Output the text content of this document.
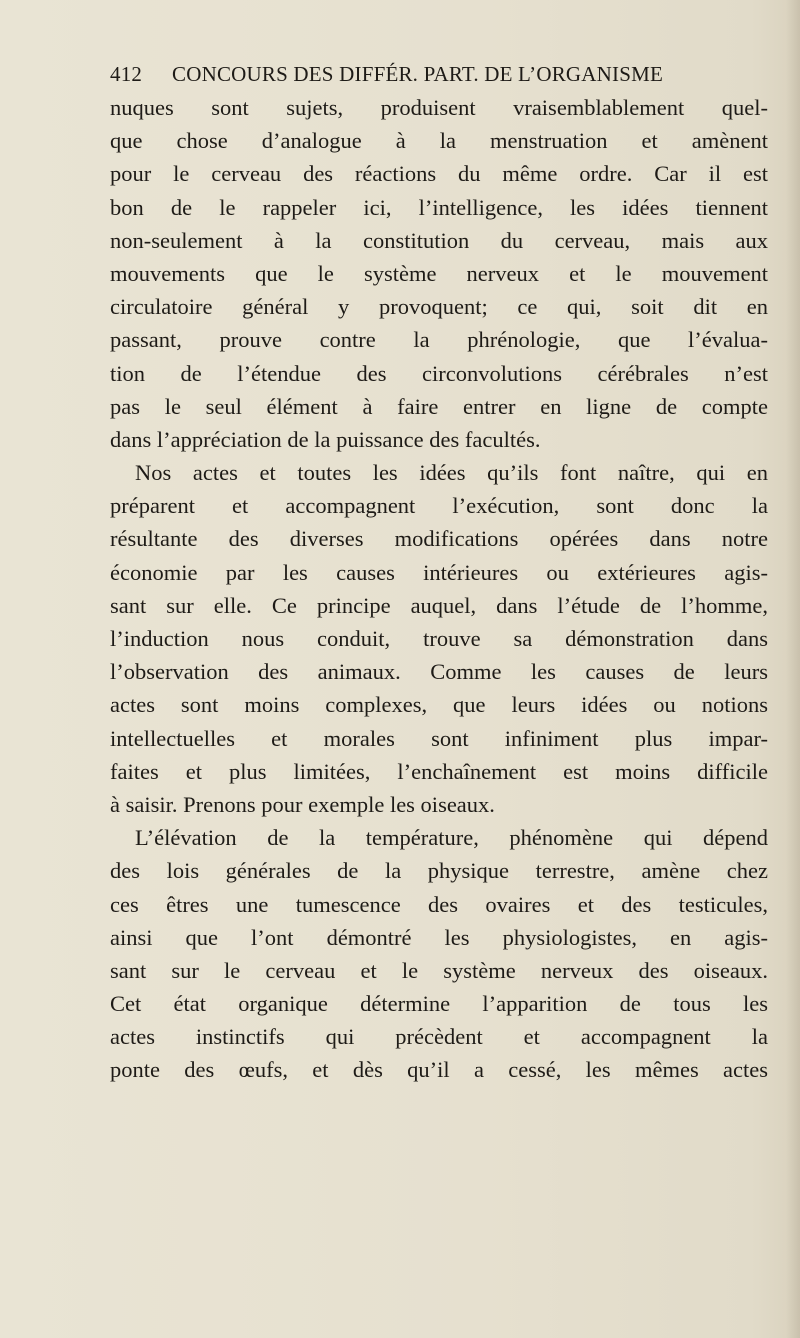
412 CONCOURS DES DIFFÉR. PART. DE L’ORGANISME
nuques sont sujets, produisent vraisemblablement quel-
que chose d’analogue à la menstruation et amènent
pour le cerveau des réactions du même ordre. Car il est
bon de le rappeler ici, l’intelligence, les idées tiennent
non-seulement à la constitution du cerveau, mais aux
mouvements que le système nerveux et le mouvement
circulatoire général y provoquent; ce qui, soit dit en
passant, prouve contre la phrénologie, que l’évalua-
tion de l’étendue des circonvolutions cérébrales n’est
pas le seul élément à faire entrer en ligne de compte
dans l’appréciation de la puissance des facultés.
Nos actes et toutes les idées qu’ils font naître, qui en
préparent et accompagnent l’exécution, sont donc la
résultante des diverses modifications opérées dans notre
économie par les causes intérieures ou extérieures agis-
sant sur elle. Ce principe auquel, dans l’étude de l’homme,
l’induction nous conduit, trouve sa démonstration dans
l’observation des animaux. Comme les causes de leurs
actes sont moins complexes, que leurs idées ou notions
intellectuelles et morales sont infiniment plus impar-
faites et plus limitées, l’enchaînement est moins difficile
à saisir. Prenons pour exemple les oiseaux.
L’élévation de la température, phénomène qui dépend
des lois générales de la physique terrestre, amène chez
ces êtres une tumescence des ovaires et des testicules,
ainsi que l’ont démontré les physiologistes, en agis-
sant sur le cerveau et le système nerveux des oiseaux.
Cet état organique détermine l’apparition de tous les
actes instinctifs qui précèdent et accompagnent la
ponte des œufs, et dès qu’il a cessé, les mêmes actes
